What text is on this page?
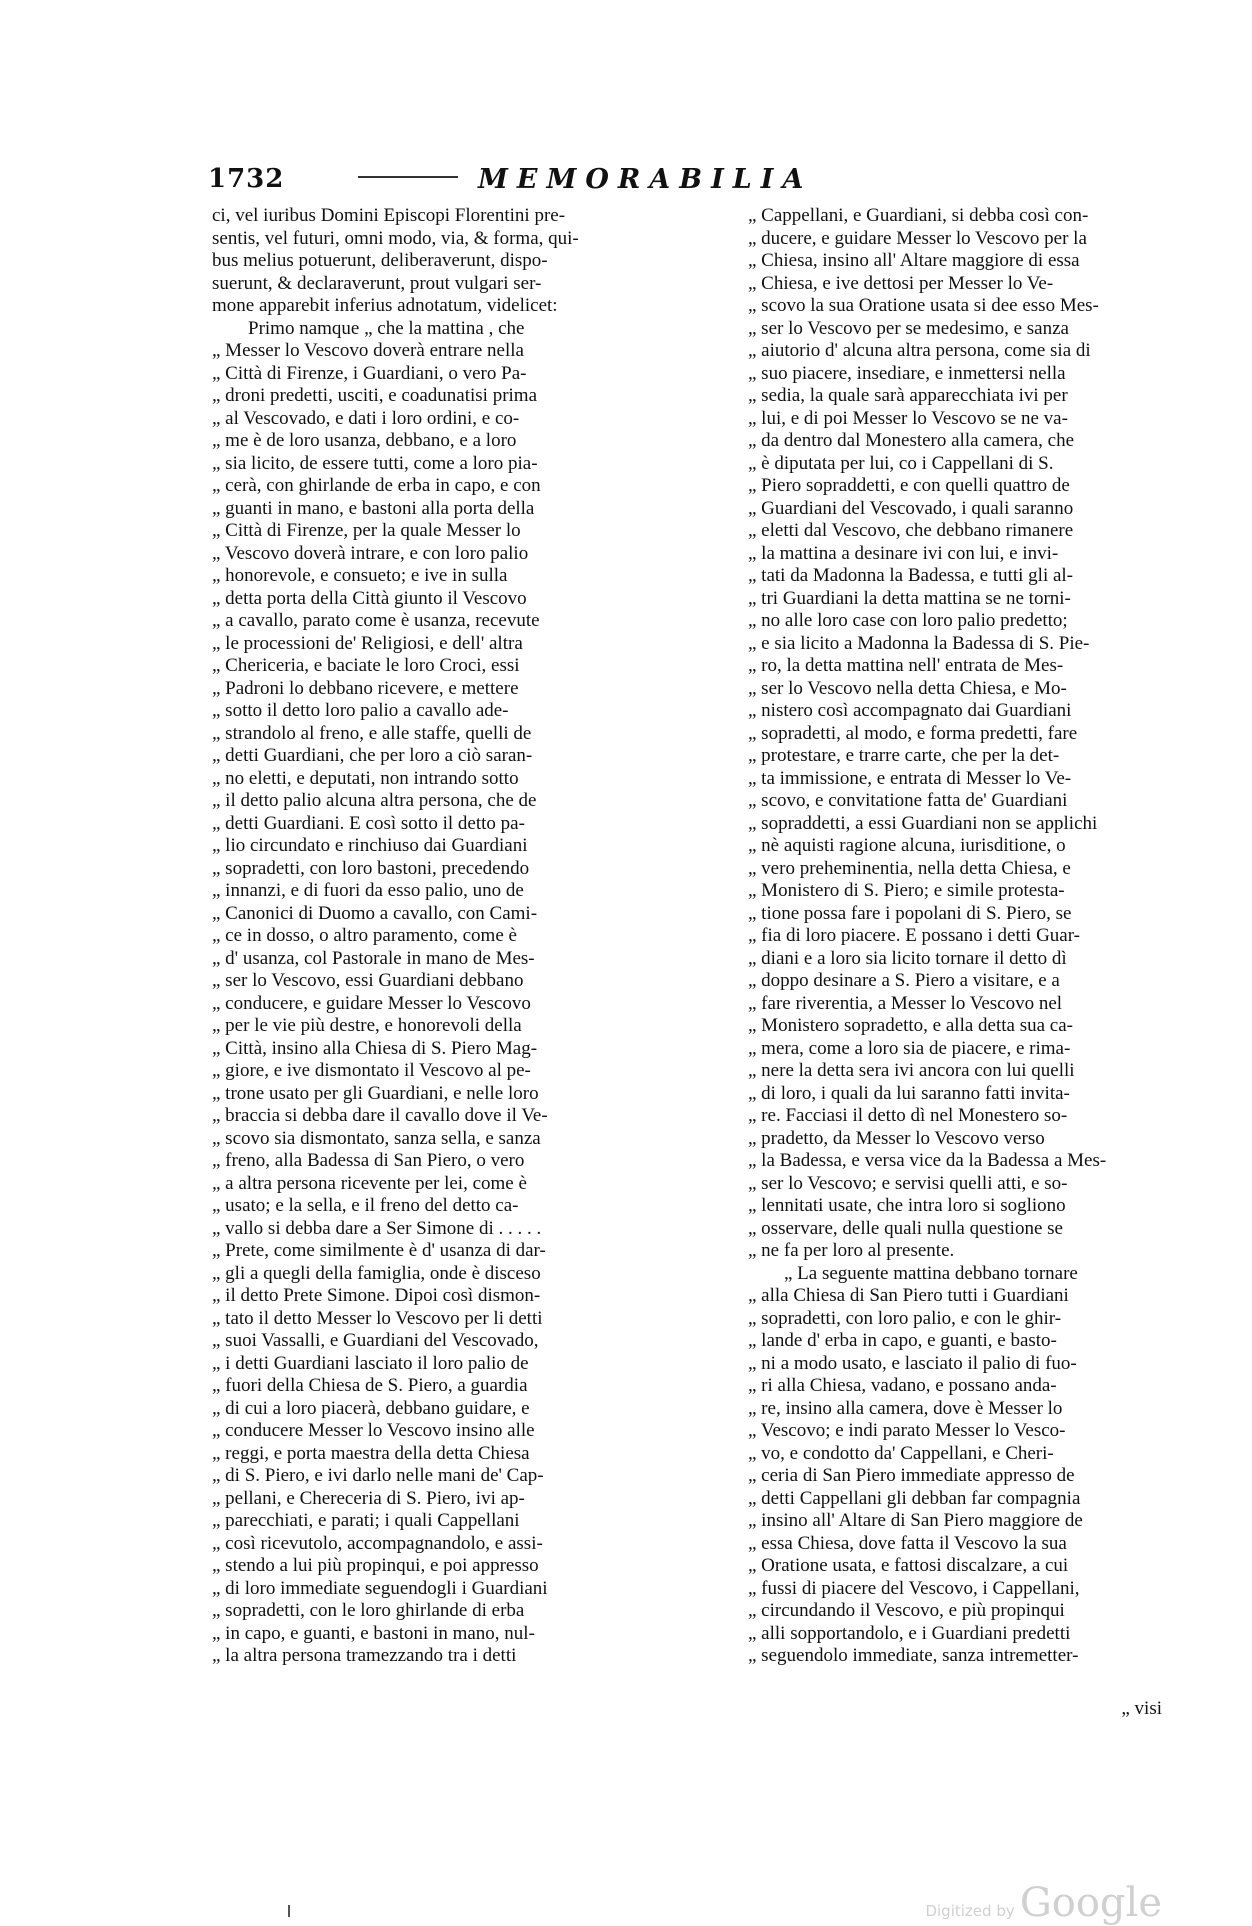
1732	MEMORABILIA
ci, vel iuribus Domini Episcopi Florentini pre-
sentis, vel futuri, omni modo, via, & forma, qui-
bus melius potuerunt, deliberaverunt, dispo-
suerunt, & declaraverunt, prout vulgari ser-
mone apparebit inferius adnotatum, videlicet:
Primo namque „ che la mattina , che
„ Messer lo Vescovo doverà entrare nella
„ Città di Firenze, i Guardiani, o vero Pa-
„ droni predetti, usciti, e coadunatisi prima
„ al Vescovado, e dati i loro ordini, e co-
„ me è de loro usanza, debbano, e a loro
„ sia licito, de essere tutti, come a loro pia-
„ cerà, con ghirlande de erba in capo, e con
„ guanti in mano, e bastoni alla porta della
„ Città di Firenze, per la quale Messer lo
„ Vescovo doverà intrare, e con loro palio
„ honorevole, e consueto; e ive in sulla
„ detta porta della Città giunto il Vescovo
„ a cavallo, parato come è usanza, recevute
„ le processioni de' Religiosi, e dell' altra
„ Chericeria, e baciate le loro Croci, essi
„ Padroni lo debbano ricevere, e mettere
„ sotto il detto loro palio a cavallo ade-
„ strandolo al freno, e alle staffe, quelli de
„ detti Guardiani, che per loro a ciò saran-
„ no eletti, e deputati, non intrando sotto
„ il detto palio alcuna altra persona, che de
„ detti Guardiani. E così sotto il detto pa-
„ lio circundato e rinchiuso dai Guardiani
„ sopradetti, con loro bastoni, precedendo
„ innanzi, e di fuori da esso palio, uno de
„ Canonici di Duomo a cavallo, con Cami-
„ ce in dosso, o altro paramento, come è
„ d' usanza, col Pastorale in mano de Mes-
„ ser lo Vescovo, essi Guardiani debbano
„ conducere, e guidare Messer lo Vescovo
„ per le vie più destre, e honorevoli della
„ Città, insino alla Chiesa di S. Piero Mag-
„ giore, e ive dismontato il Vescovo al pe-
„ trone usato per gli Guardiani, e nelle loro
„ braccia si debba dare il cavallo dove il Ve-
„ scovo sia dismontato, sanza sella, e sanza
„ freno, alla Badessa di San Piero, o vero
„ a altra persona ricevente per lei, come è
„ usato; e la sella, e il freno del detto ca-
„ vallo si debba dare a Ser Simone di . . . . .
„ Prete, come similmente è d' usanza di dar-
„ gli a quegli della famiglia, onde è disceso
„ il detto Prete Simone. Dipoi così dismon-
„ tato il detto Messer lo Vescovo per li detti
„ suoi Vassalli, e Guardiani del Vescovado,
„ i detti Guardiani lasciato il loro palio de
„ fuori della Chiesa de S. Piero, a guardia
„ di cui a loro piacerà, debbano guidare, e
„ conducere Messer lo Vescovo insino alle
„ reggi, e porta maestra della detta Chiesa
„ di S. Piero, e ivi darlo nelle mani de' Cap-
„ pellani, e Chereceria di S. Piero, ivi ap-
„ parecchiati, e parati; i quali Cappellani
„ così ricevutolo, accompagnandolo, e assi-
„ stendo a lui più propinqui, e poi appresso
„ di loro immediate seguendogli i Guardiani
„ sopradetti, con le loro ghirlande di erba
„ in capo, e guanti, e bastoni in mano, nul-
„ la altra persona tramezzando tra i detti
„ Cappellani, e Guardiani, si debba così con-
„ ducere, e guidare Messer lo Vescovo per la
„ Chiesa, insino all' Altare maggiore di essa
„ Chiesa, e ive dettosi per Messer lo Ve-
„ scovo la sua Oratione usata si dee esso Mes-
„ ser lo Vescovo per se medesimo, e sanza
„ aiutorio d' alcuna altra persona, come sia di
„ suo piacere, insediare, e inmettersi nella
„ sedia, la quale sarà apparecchiata ivi per
„ lui, e di poi Messer lo Vescovo se ne va-
„ da dentro dal Monestero alla camera, che
„ è diputata per lui, co i Cappellani di S.
„ Piero sopraddetti, e con quelli quattro de
„ Guardiani del Vescovado, i quali saranno
„ eletti dal Vescovo, che debbano rimanere
„ la mattina a desinare ivi con lui, e invi-
„ tati da Madonna la Badessa, e tutti gli al-
„ tri Guardiani la detta mattina se ne torni-
„ no alle loro case con loro palio predetto;
„ e sia licito a Madonna la Badessa di S. Pie-
„ ro, la detta mattina nell' entrata de Mes-
„ ser lo Vescovo nella detta Chiesa, e Mo-
„ nistero così accompagnato dai Guardiani
„ sopradetti, al modo, e forma predetti, fare
„ protestare, e trarre carte, che per la det-
„ ta immissione, e entrata di Messer lo Ve-
„ scovo, e convitatione fatta de' Guardiani
„ sopraddetti, a essi Guardiani non se applichi
„ nè aquisti ragione alcuna, iurisditione, o
„ vero preheminentia, nella detta Chiesa, e
„ Monistero di S. Piero; e simile protesta-
„ tione possa fare i popolani di S. Piero, se
„ fia di loro piacere. E possano i detti Guar-
„ diani e a loro sia licito tornare il detto dì
„ doppo desinare a S. Piero a visitare, e a
„ fare riverentia, a Messer lo Vescovo nel
„ Monistero sopradetto, e alla detta sua ca-
„ mera, come a loro sia de piacere, e rima-
„ nere la detta sera ivi ancora con lui quelli
„ di loro, i quali da lui saranno fatti invita-
„ re. Facciasi il detto dì nel Monestero so-
„ pradetto, da Messer lo Vescovo verso
„ la Badessa, e versa vice da la Badessa a Mes-
„ ser lo Vescovo; e servisi quelli atti, e so-
„ lennitati usate, che intra loro si sogliono
„ osservare, delle quali nulla questione se
„ ne fa per loro al presente.
„ La seguente mattina debbano tornare
„ alla Chiesa di San Piero tutti i Guardiani
„ sopradetti, con loro palio, e con le ghir-
„ lande d' erba in capo, e guanti, e basto-
„ ni a modo usato, e lasciato il palio di fuo-
„ ri alla Chiesa, vadano, e possano anda-
„ re, insino alla camera, dove è Messer lo
„ Vescovo; e indi parato Messer lo Vesco-
„ vo, e condotto da' Cappellani, e Cheri-
„ ceria di San Piero immediate appresso de
„ detti Cappellani gli debban far compagnia
„ insino all' Altare di San Piero maggiore de
„ essa Chiesa, dove fatta il Vescovo la sua
„ Oratione usata, e fattosi discalzare, a cui
„ fussi di piacere del Vescovo, i Cappellani,
„ circundando il Vescovo, e più propinqui
„ alli sopportandolo, e i Guardiani predetti
„ seguendolo immediate, sanza intremetter-
„ visi
Digitized by Google
